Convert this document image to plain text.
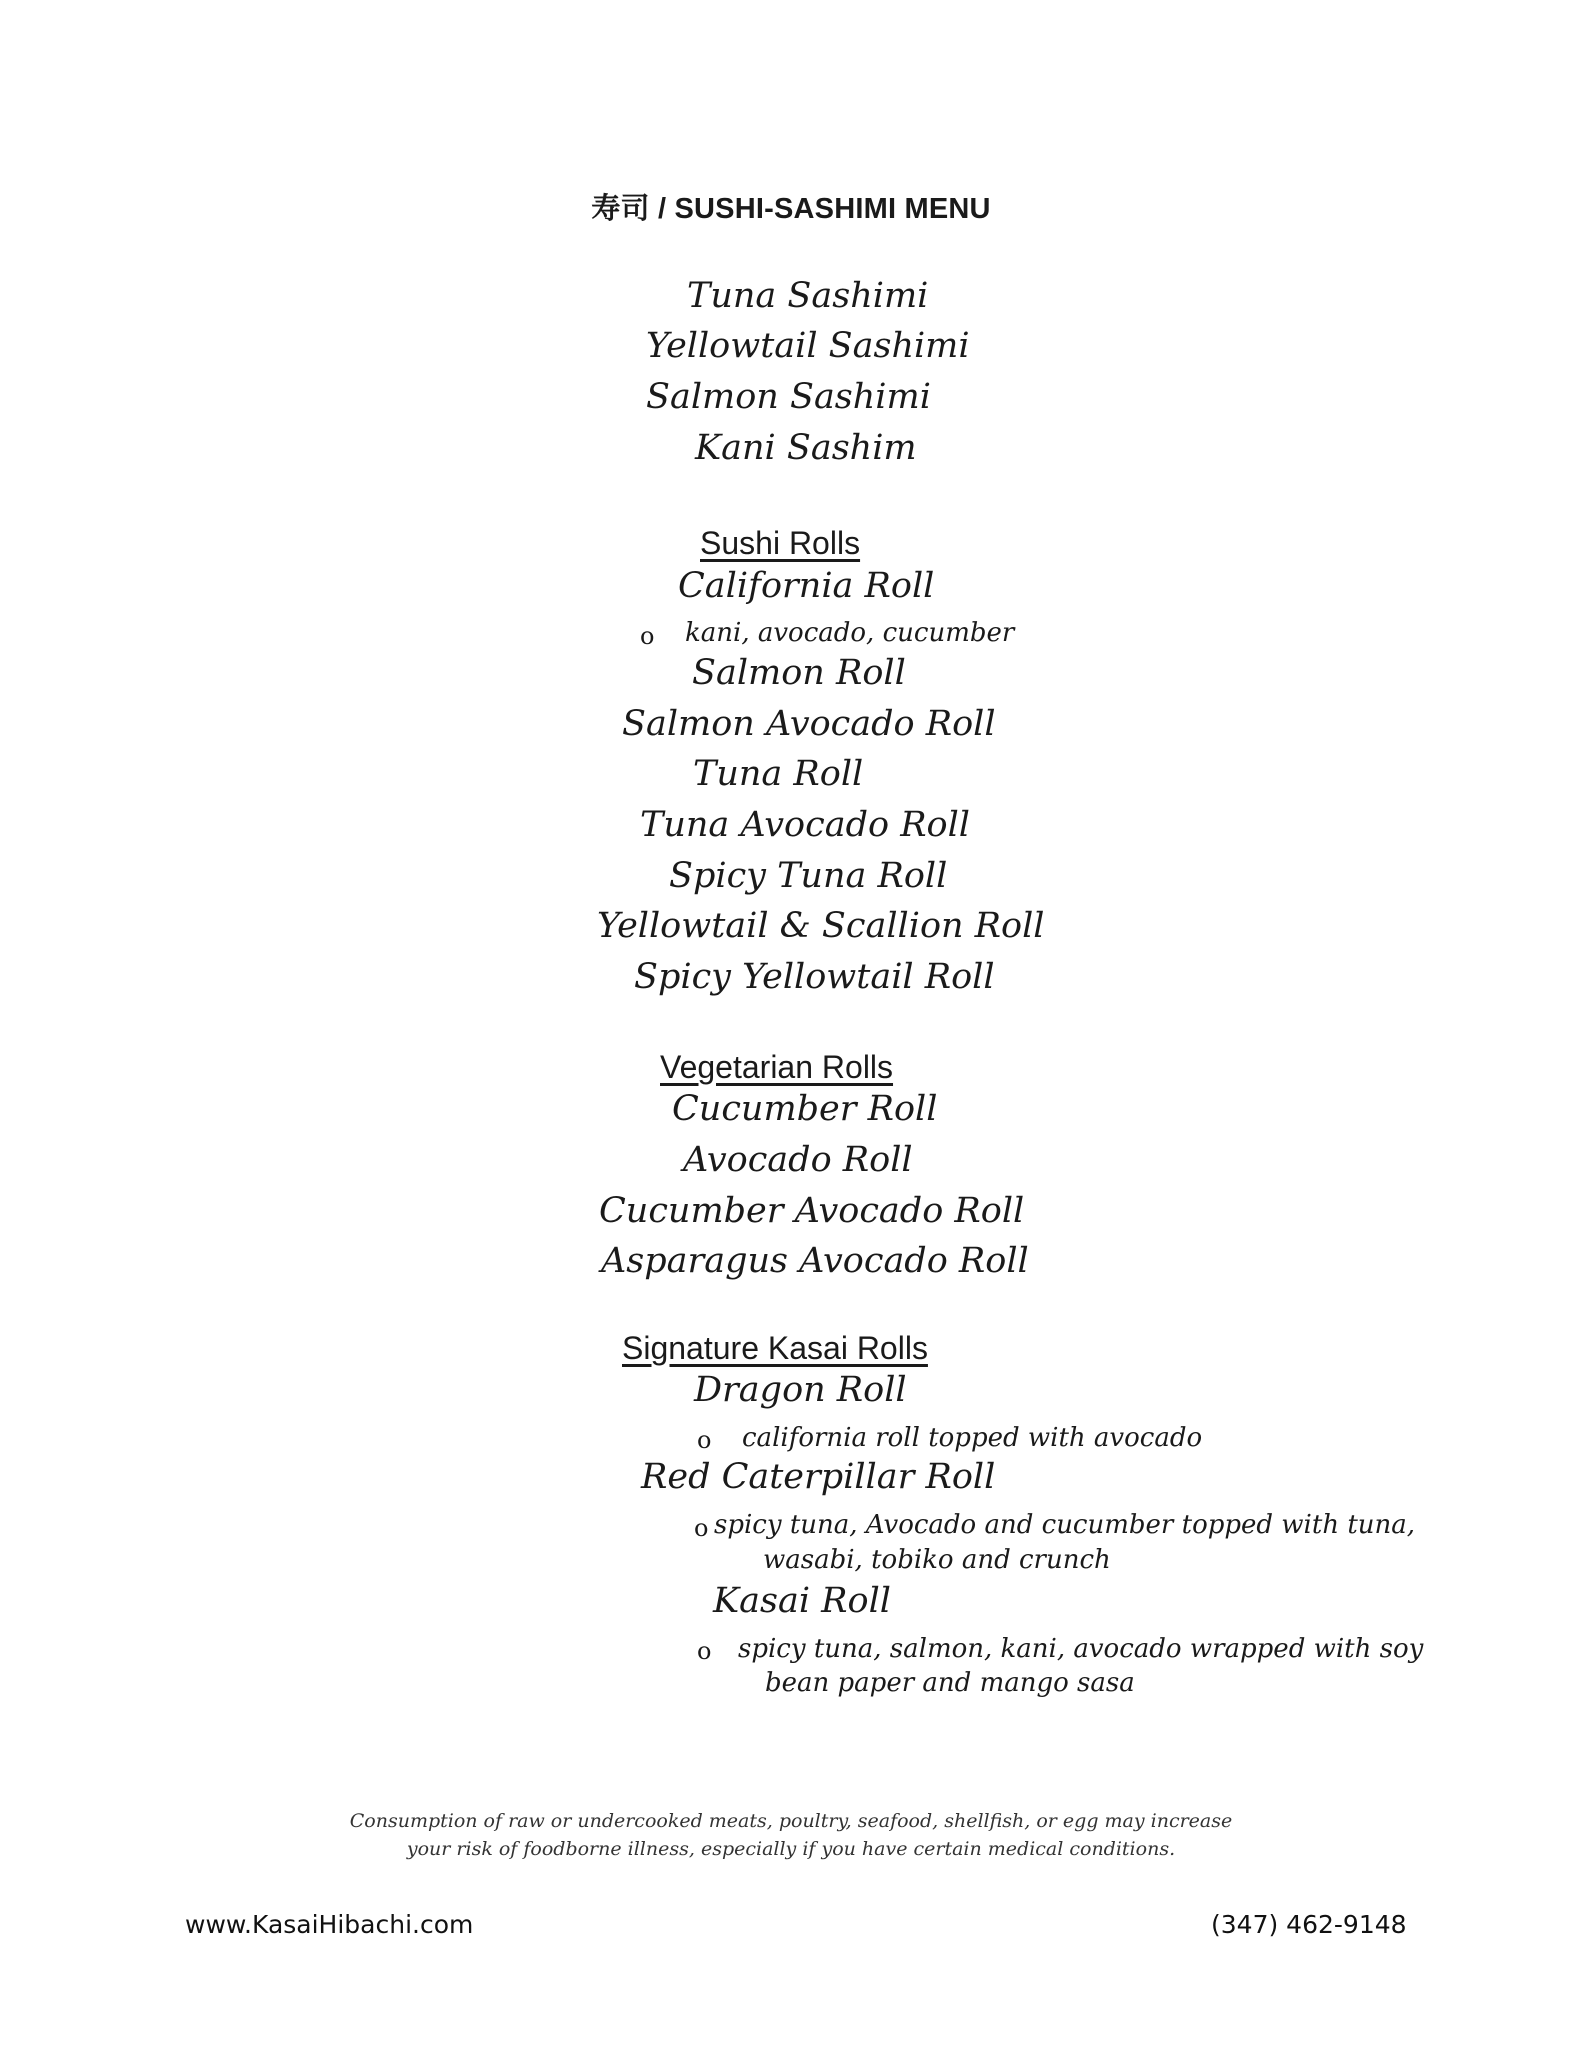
寿司 / SUSHI-SASHIMI MENU
Tuna Sashimi
Yellowtail Sashimi
Salmon Sashimi
Kani Sashim
Sushi Rolls
California Roll
o kani, avocado, cucumber
Salmon Roll
Salmon Avocado Roll
Tuna Roll
Tuna Avocado Roll
Spicy Tuna Roll
Yellowtail & Scallion Roll
Spicy Yellowtail Roll
Vegetarian Rolls
Cucumber Roll
Avocado Roll
Cucumber Avocado Roll
Asparagus Avocado Roll
Signature Kasai Rolls
Dragon Roll
o california roll topped with avocado
Red Caterpillar Roll
o spicy tuna, Avocado and cucumber topped with tuna,
wasabi, tobiko and crunch
Kasai Roll
o spicy tuna, salmon, kani, avocado wrapped with soy
bean paper and mango sasa
Consumption of raw or undercooked meats, poultry, seafood, shellfish, or egg may increase
your risk of foodborne illness, especially if you have certain medical conditions.
www.KasaiHibachi.com	(347) 462-9148
